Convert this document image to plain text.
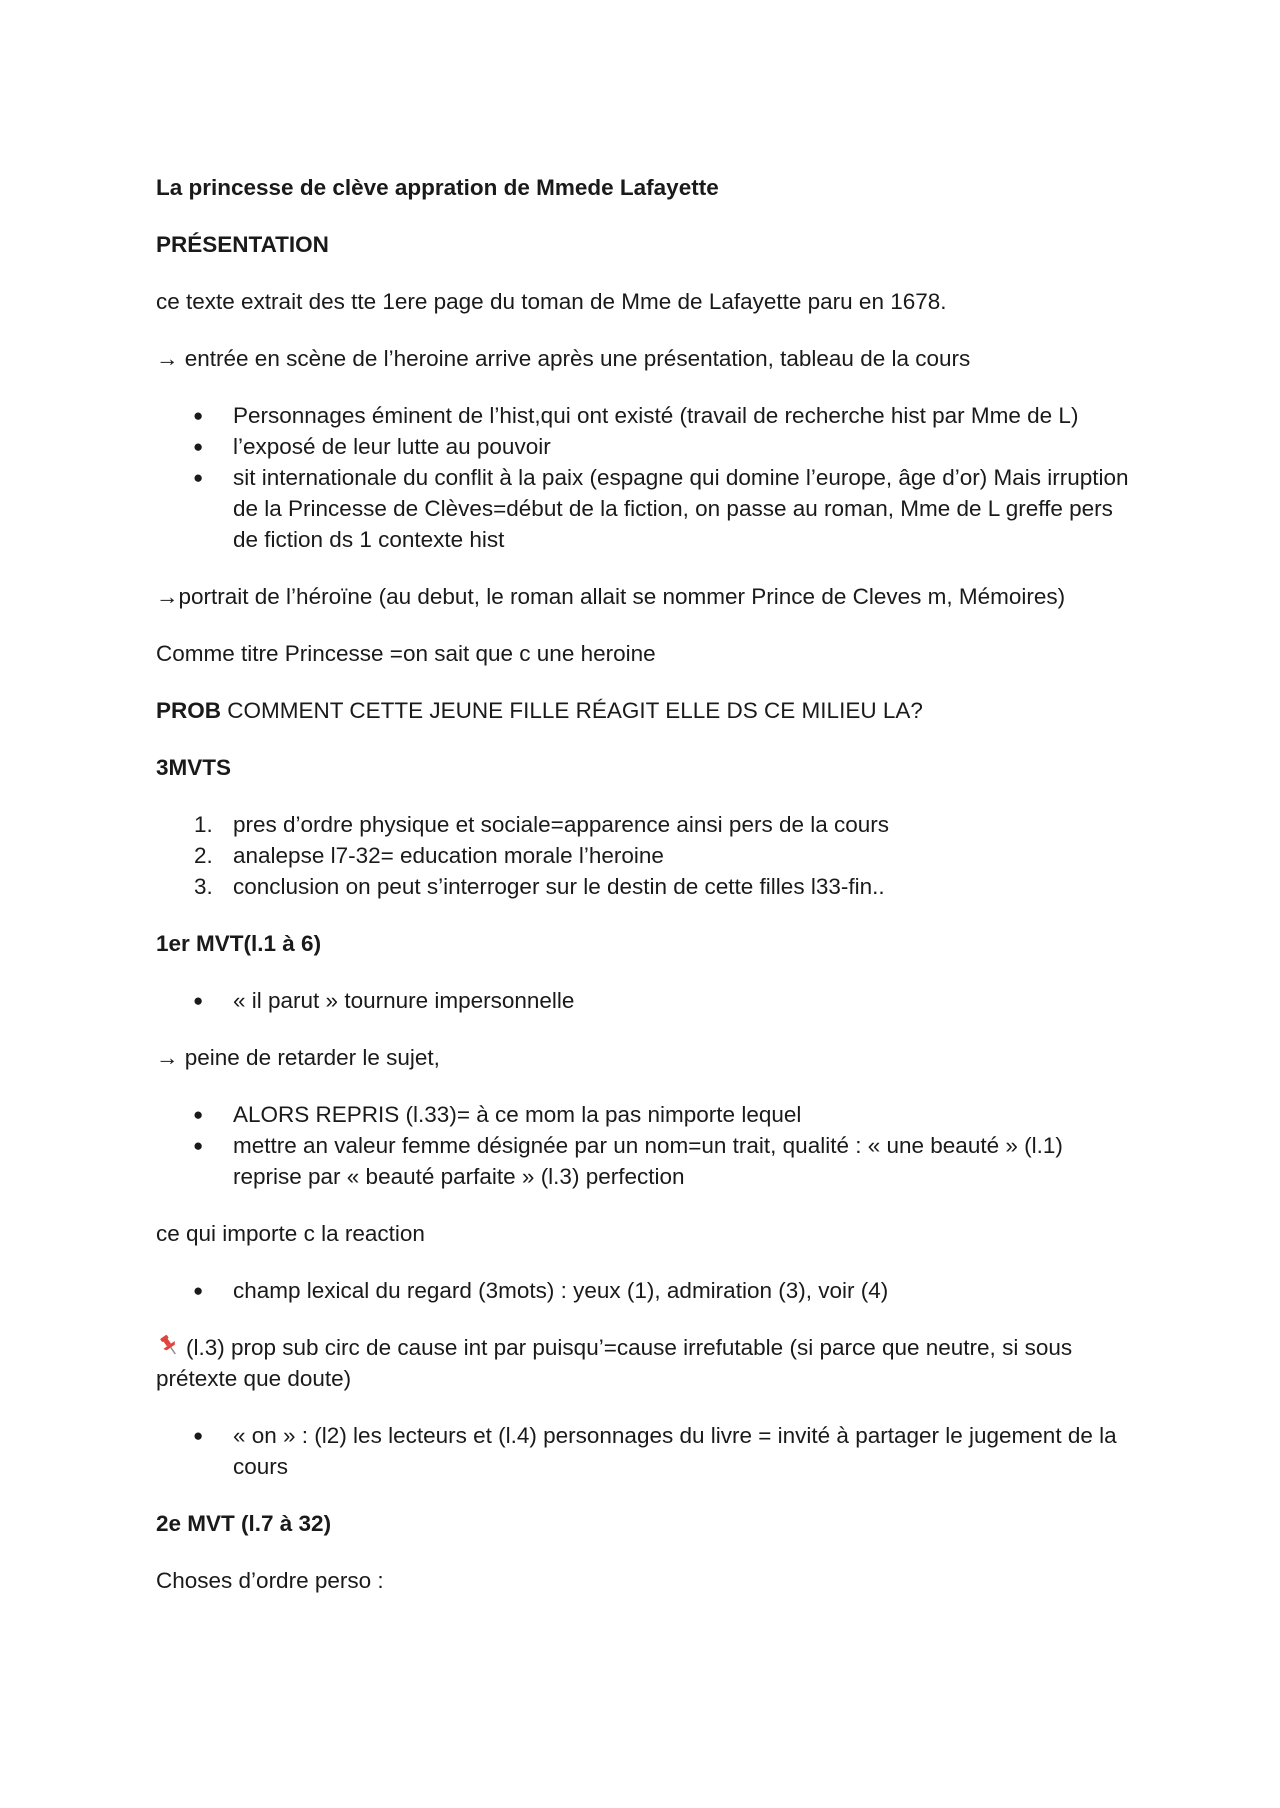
La princesse de clève appration de Mmede Lafayette

PRÉSENTATION

ce texte extrait des tte 1ere page du toman de Mme de Lafayette paru en 1678.

→ entrée en scène de l’heroine arrive après une présentation, tableau de la cours

● Personnages éminent de l’hist,qui ont existé (travail de recherche hist par Mme de L)
● l’exposé de leur lutte au pouvoir
● sit internationale du conflit à la paix (espagne qui domine l’europe, âge d’or) Mais irruption de la Princesse de Clèves=début de la fiction, on passe au roman, Mme de L greffe pers de fiction ds 1 contexte hist

→portrait de l’héroïne (au debut, le roman allait se nommer Prince de Cleves m, Mémoires)

Comme titre Princesse =on sait que c une heroine

PROB COMMENT CETTE JEUNE FILLE RÉAGIT ELLE DS CE MILIEU LA?

3MVTS

1. pres d’ordre physique et sociale=apparence ainsi pers de la cours
2. analepse l7-32= education morale l’heroine
3. conclusion on peut s’interroger sur le destin de cette filles l33-fin..

1er MVT(l.1 à 6)

● « il parut » tournure impersonnelle

→ peine de retarder le sujet,

● ALORS REPRIS (l.33)= à ce mom la pas nimporte lequel
● mettre an valeur femme désignée par un nom=un trait, qualité : « une beauté » (l.1) reprise par « beauté parfaite » (l.3) perfection

ce qui importe c la reaction

● champ lexical du regard (3mots) : yeux (1), admiration (3), voir (4)

(l.3) prop sub circ de cause int par puisqu’=cause irrefutable (si parce que neutre, si sous prétexte que doute)

● « on » : (l2) les lecteurs et (l.4) personnages du livre = invité à partager le jugement de la cours

2e MVT (l.7 à 32)

Choses d’ordre perso :
